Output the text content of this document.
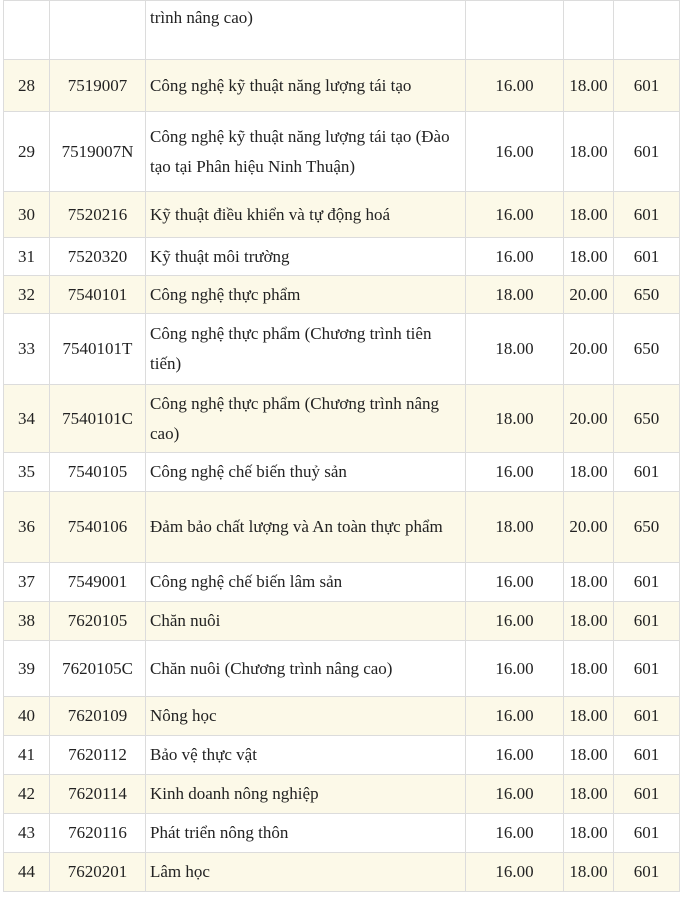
		trình nâng cao)			
28	7519007	Công nghệ kỹ thuật năng lượng tái tạo	16.00	18.00	601
29	7519007N	Công nghệ kỹ thuật năng lượng tái tạo (Đào tạo tại Phân hiệu Ninh Thuận)	16.00	18.00	601
30	7520216	Kỹ thuật điều khiển và tự động hoá	16.00	18.00	601
31	7520320	Kỹ thuật môi trường	16.00	18.00	601
32	7540101	Công nghệ thực phẩm	18.00	20.00	650
33	7540101T	Công nghệ thực phẩm (Chương trình tiên tiến)	18.00	20.00	650
34	7540101C	Công nghệ thực phẩm (Chương trình nâng cao)	18.00	20.00	650
35	7540105	Công nghệ chế biến thuỷ sản	16.00	18.00	601
36	7540106	Đảm bảo chất lượng và An toàn thực phẩm	18.00	20.00	650
37	7549001	Công nghệ chế biến lâm sản	16.00	18.00	601
38	7620105	Chăn nuôi	16.00	18.00	601
39	7620105C	Chăn nuôi (Chương trình nâng cao)	16.00	18.00	601
40	7620109	Nông học	16.00	18.00	601
41	7620112	Bảo vệ thực vật	16.00	18.00	601
42	7620114	Kinh doanh nông nghiệp	16.00	18.00	601
43	7620116	Phát triển nông thôn	16.00	18.00	601
44	7620201	Lâm học	16.00	18.00	601
